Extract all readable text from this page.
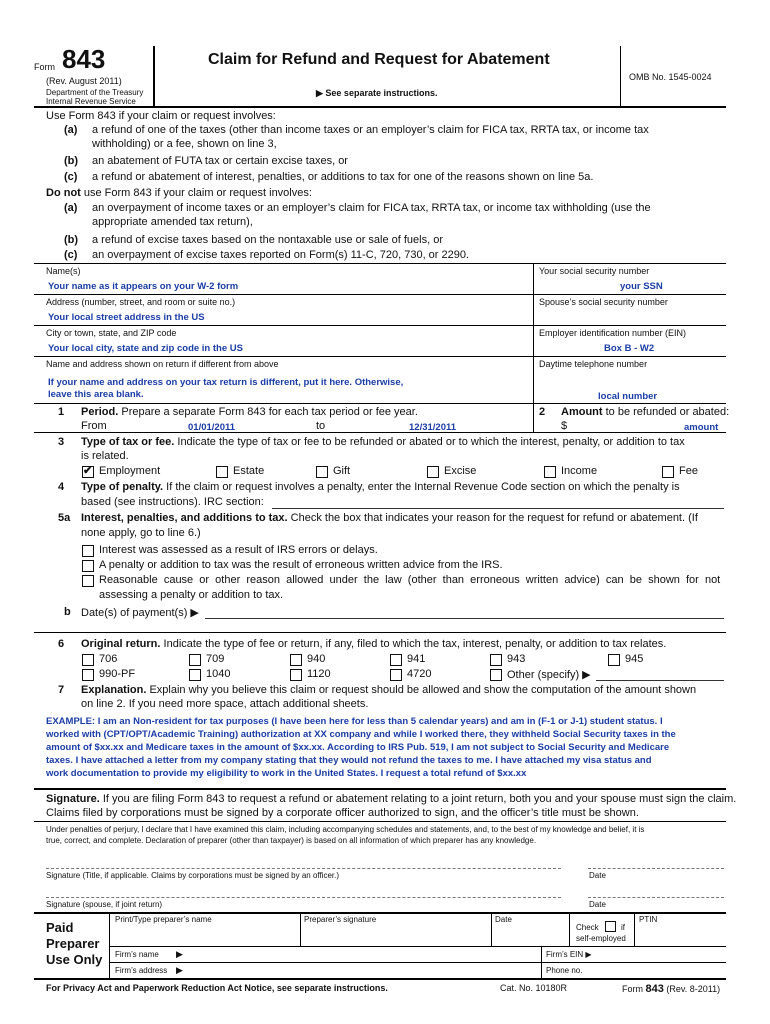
Form 843
(Rev. August 2011)
Department of the Treasury
Internal Revenue Service
Claim for Refund and Request for Abatement
▶ See separate instructions.
OMB No. 1545-0024
Use Form 843 if your claim or request involves:
(a) a refund of one of the taxes (other than income taxes or an employer’s claim for FICA tax, RRTA tax, or income tax
withholding) or a fee, shown on line 3,
(b) an abatement of FUTA tax or certain excise taxes, or
(c) a refund or abatement of interest, penalties, or additions to tax for one of the reasons shown on line 5a.
Do not use Form 843 if your claim or request involves:
(a) an overpayment of income taxes or an employer’s claim for FICA tax, RRTA tax, or income tax withholding (use the
appropriate amended tax return),
(b) a refund of excise taxes based on the nontaxable use or sale of fuels, or
(c) an overpayment of excise taxes reported on Form(s) 11-C, 720, 730, or 2290.
Name(s)
Your name as it appears on your W-2 form
Your social security number
your SSN
Address (number, street, and room or suite no.)
Your local street address in the US
Spouse’s social security number
City or town, state, and ZIP code
Your local city, state and zip code in the US
Employer identification number (EIN)
Box B - W2
Name and address shown on return if different from above
If your name and address on your tax return is different, put it here. Otherwise,
leave this area blank.
Daytime telephone number
local number
1 Period. Prepare a separate Form 843 for each tax period or fee year.
From	01/01/2011	to	12/31/2011
2 Amount to be refunded or abated:
$	amount
3 Type of tax or fee. Indicate the type of tax or fee to be refunded or abated or to which the interest, penalty, or addition to tax
is related.
✔ Employment	Estate	Gift	Excise	Income	Fee
4 Type of penalty. If the claim or request involves a penalty, enter the Internal Revenue Code section on which the penalty is
based (see instructions). IRC section:
5a Interest, penalties, and additions to tax. Check the box that indicates your reason for the request for refund or abatement. (If
none apply, go to line 6.)
Interest was assessed as a result of IRS errors or delays.
A penalty or addition to tax was the result of erroneous written advice from the IRS.
Reasonable  cause  or  other  reason  allowed  under  the  law  (other  than  erroneous  written  advice)  can  be  shown  for  not
assessing a penalty or addition to tax.
b Date(s) of payment(s) ▶
6 Original return. Indicate the type of fee or return, if any, filed to which the tax, interest, penalty, or addition to tax relates.
706	709	940	941	943	945
990-PF	1040	1120	4720	Other (specify) ▶
7 Explanation. Explain why you believe this claim or request should be allowed and show the computation of the amount shown
on line 2. If you need more space, attach additional sheets.
EXAMPLE: I am an Non-resident for tax purposes (I have been here for less than 5 calendar years) and am in (F-1 or J-1) student status. I
worked with (CPT/OPT/Academic Training) authorization at XX company and while I worked there, they withheld Social Security taxes in the
amount of $xx.xx and Medicare taxes in the amount of $xx.xx. According to IRS Pub. 519, I am not subject to Social Security and Medicare
taxes. I have attached a letter from my company stating that they would not refund the taxes to me. I have attached my visa status and
work documentation to provide my eligibility to work in the United States. I request a total refund of $xx.xx
Signature. If you are filing Form 843 to request a refund or abatement relating to a joint return, both you and your spouse must sign the claim.
Claims filed by corporations must be signed by a corporate officer authorized to sign, and the officer’s title must be shown.
Under penalties of perjury, I declare that I have examined this claim, including accompanying schedules and statements, and, to the best of my knowledge and belief, it is
true, correct, and complete. Declaration of preparer (other than taxpayer) is based on all information of which preparer has any knowledge.
Signature (Title, if applicable. Claims by corporations must be signed by an officer.)	Date
Signature (spouse, if joint return)	Date
Paid
Preparer
Use Only
Print/Type preparer’s name	Preparer’s signature	Date
Check	if
self-employed
PTIN
Firm’s name ▶	Firm’s EIN ▶
Firm’s address ▶	Phone no.
For Privacy Act and Paperwork Reduction Act Notice, see separate instructions.	Cat. No. 10180R	Form 843 (Rev. 8-2011)
